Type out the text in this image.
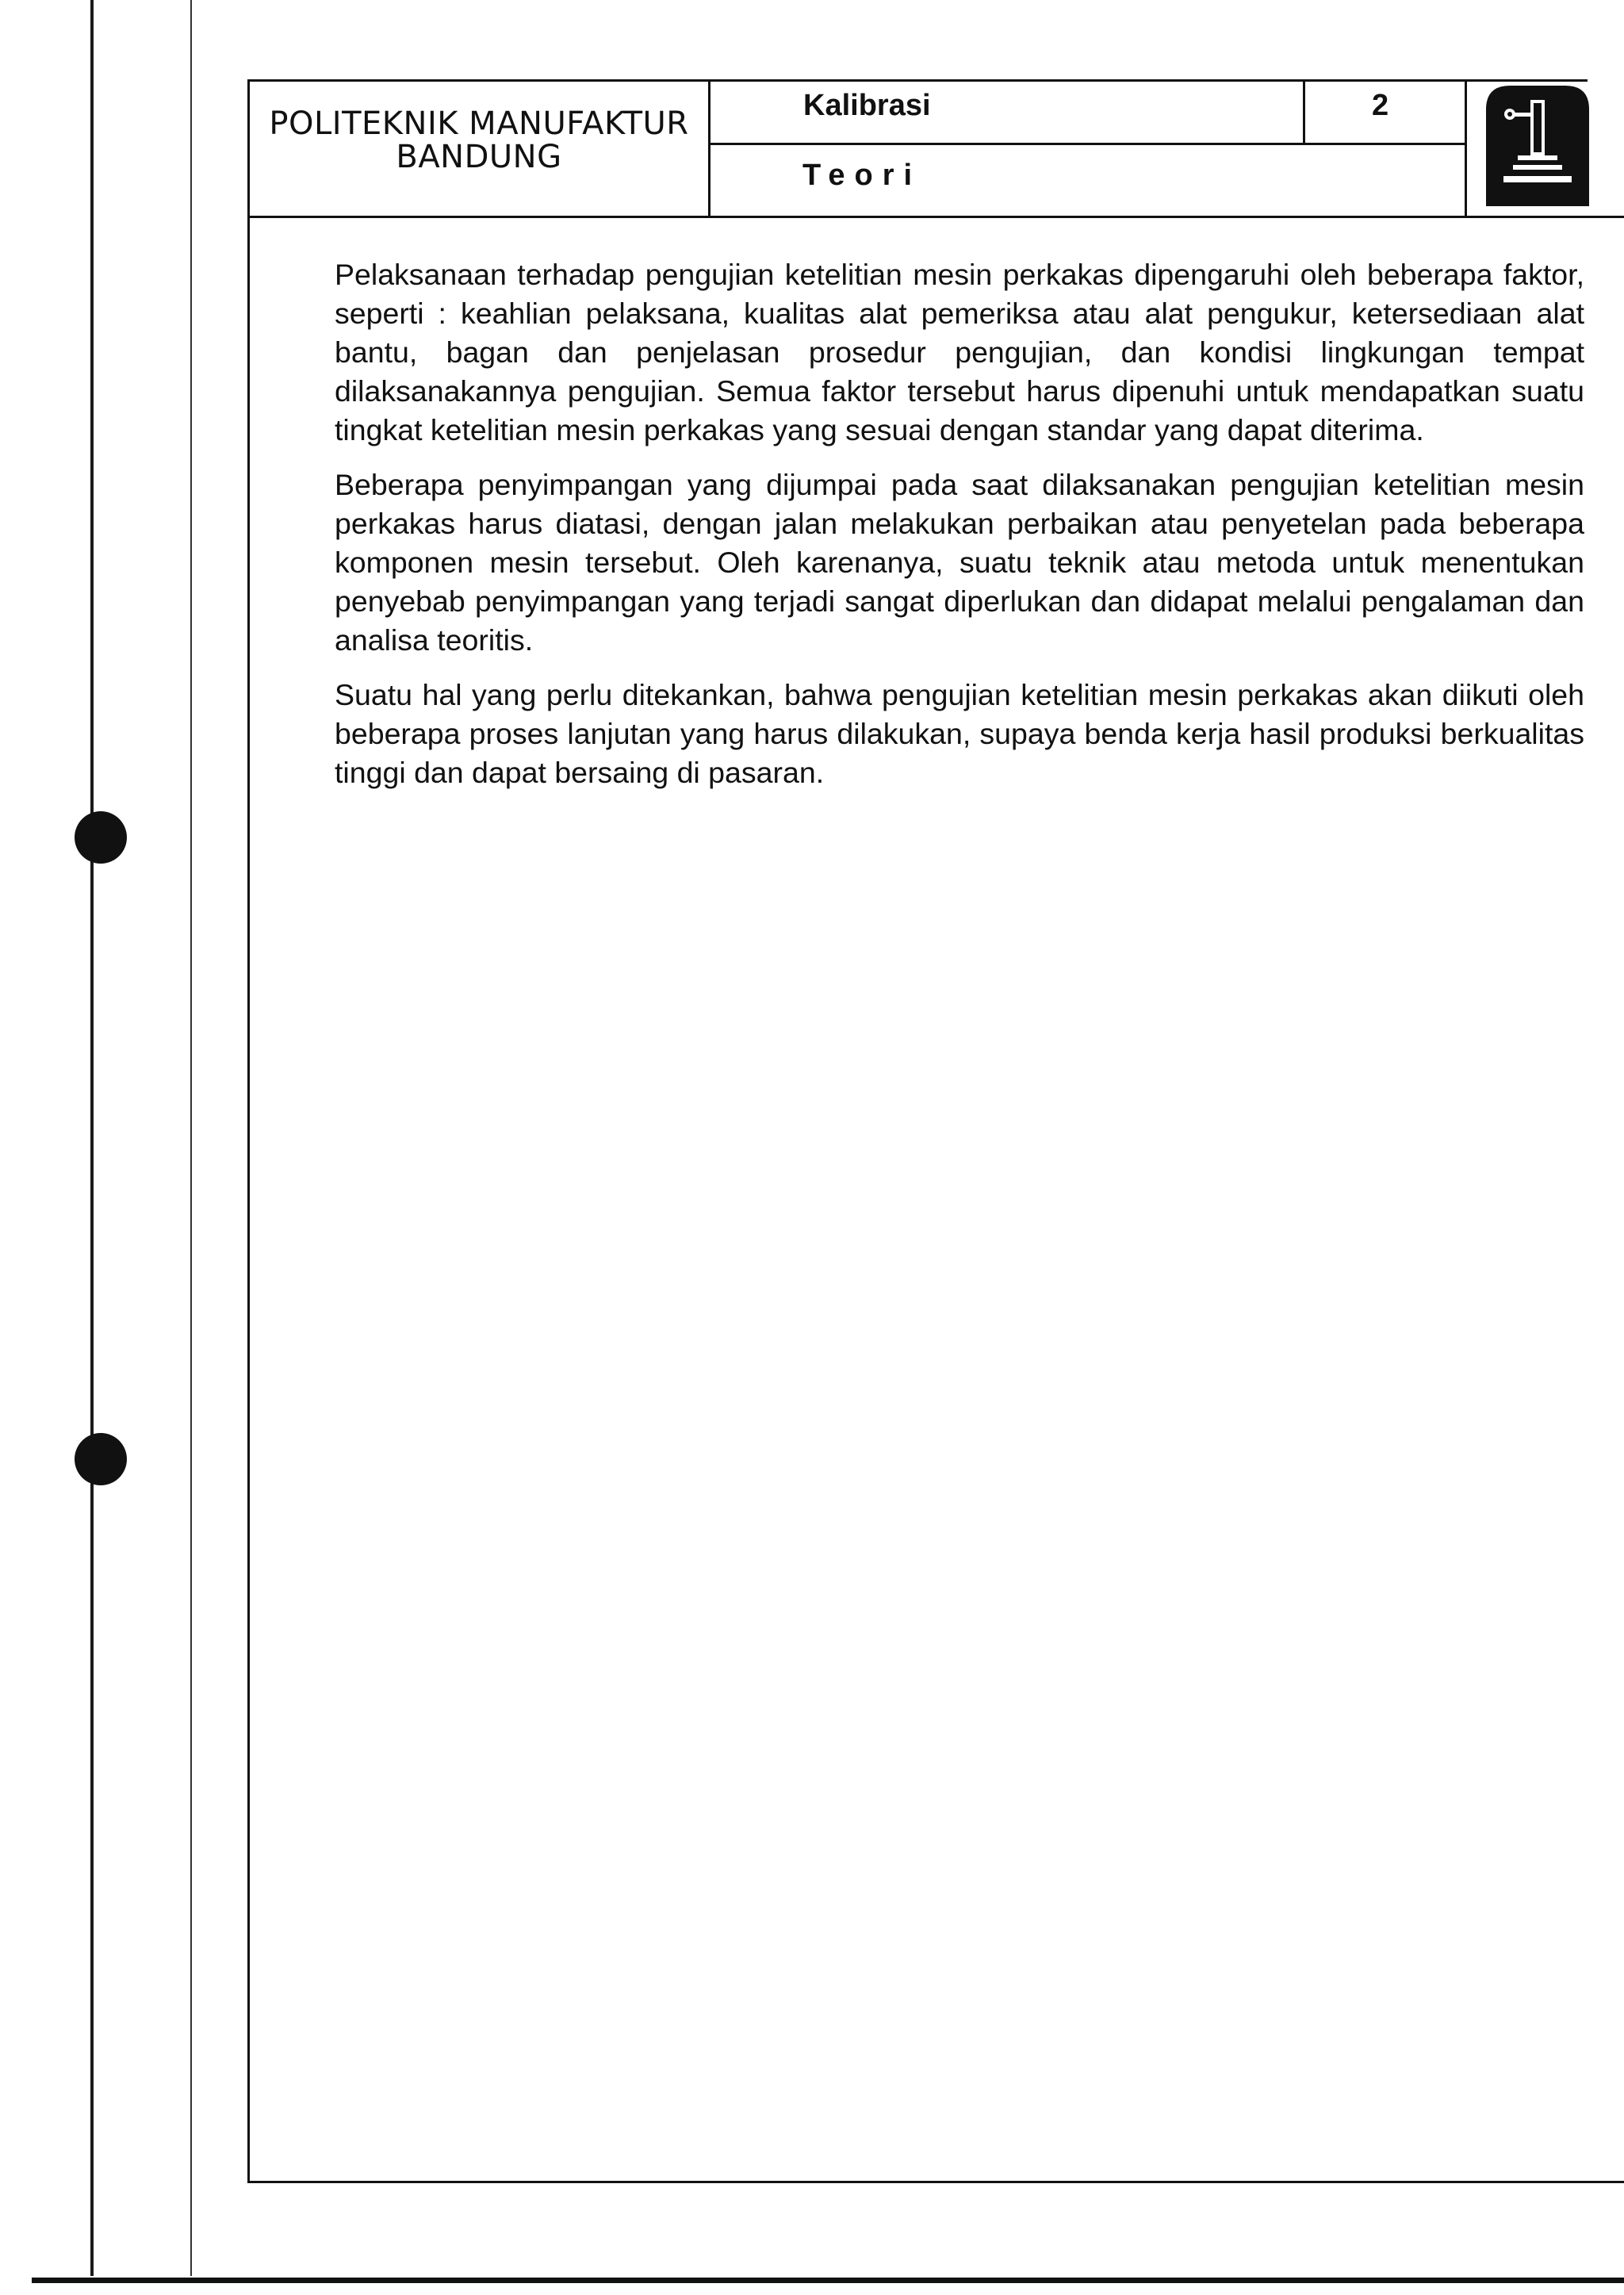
POLITEKNIK MANUFAKTUR BANDUNG
Kalibrasi	2
Teori

Pelaksanaan terhadap pengujian ketelitian mesin perkakas dipengaruhi oleh beberapa faktor, seperti : keahlian pelaksana, kualitas alat pemeriksa atau alat pengukur, ketersediaan alat bantu, bagan dan penjelasan prosedur pengujian, dan kondisi lingkungan tempat dilaksanakannya pengujian. Semua faktor tersebut harus dipenuhi untuk mendapatkan suatu tingkat ketelitian mesin perkakas yang sesuai dengan standar yang dapat diterima.

Beberapa penyimpangan yang dijumpai pada saat dilaksanakan pengujian ketelitian mesin perkakas harus diatasi, dengan jalan melakukan perbaikan atau penyetelan pada beberapa komponen mesin tersebut. Oleh karenanya, suatu teknik atau metoda untuk menentukan penyebab penyimpangan yang terjadi sangat diperlukan dan didapat melalui pengalaman dan analisa teoritis.

Suatu hal yang perlu ditekankan, bahwa pengujian ketelitian mesin perkakas akan diikuti oleh beberapa proses lanjutan yang harus dilakukan, supaya benda kerja hasil produksi berkualitas tinggi dan dapat bersaing di pasaran.
